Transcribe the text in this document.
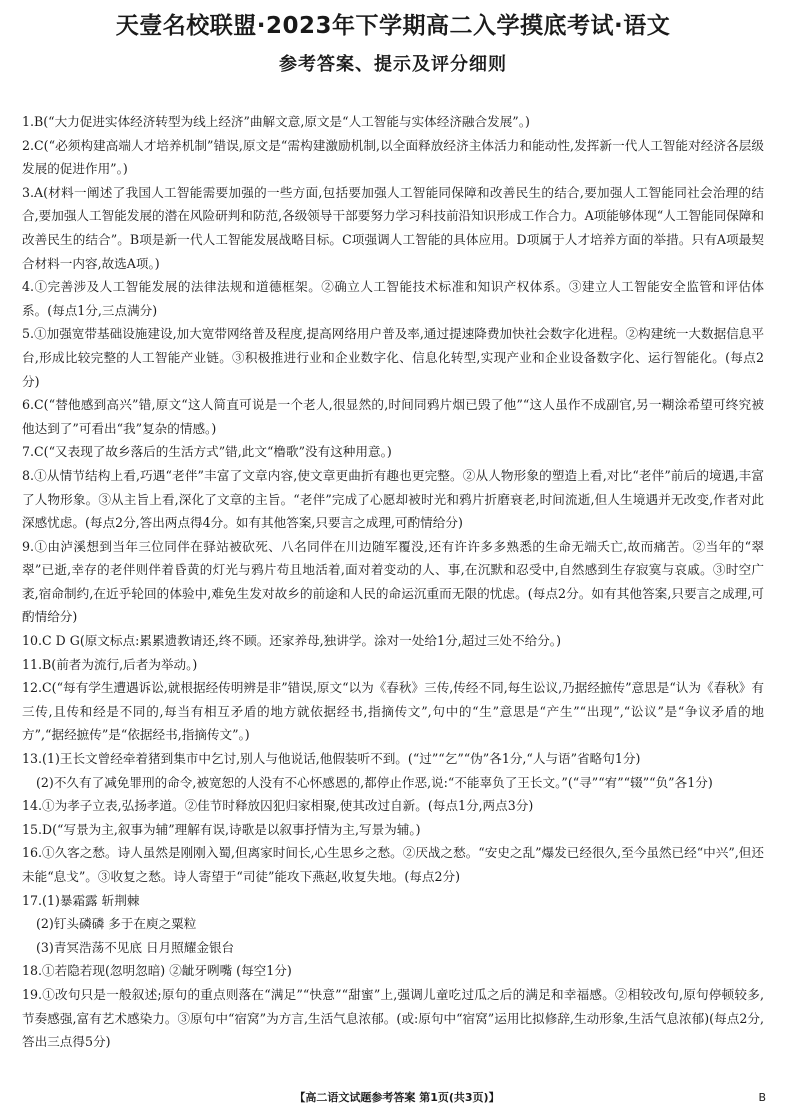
天壹名校联盟·2023年下学期高二入学摸底考试·语文
参考答案、提示及评分细则

1.B(“大力促进实体经济转型为线上经济”曲解文意,原文是“人工智能与实体经济融合发展”。)

2.C(“必须构建高端人才培养机制”错误,原文是“需构建激励机制,以全面释放经济主体活力和能动性,发挥新一代人工智能对经济各层级发展的促进作用”。)

3.A(材料一阐述了我国人工智能需要加强的一些方面,包括要加强人工智能同保障和改善民生的结合,要加强人工智能同社会治理的结合,要加强人工智能发展的潜在风险研判和防范,各级领导干部要努力学习科技前沿知识形成工作合力。A项能够体现“人工智能同保障和改善民生的结合”。B项是新一代人工智能发展战略目标。C项强调人工智能的具体应用。D项属于人才培养方面的举措。只有A项最契合材料一内容,故选A项。)

4.①完善涉及人工智能发展的法律法规和道德框架。②确立人工智能技术标准和知识产权体系。③建立人工智能安全监管和评估体系。(每点1分,三点满分)

5.①加强宽带基础设施建设,加大宽带网络普及程度,提高网络用户普及率,通过提速降费加快社会数字化进程。②构建统一大数据信息平台,形成比较完整的人工智能产业链。③积极推进行业和企业数字化、信息化转型,实现产业和企业设备数字化、运行智能化。(每点2分)

6.C(“替他感到高兴”错,原文“这人简直可说是一个老人,很显然的,时间同鸦片烟已毁了他”“这人虽作不成副官,另一糊涂希望可终究被他达到了”可看出“我”复杂的情感。)

7.C(“又表现了故乡落后的生活方式”错,此文“橹歌”没有这种用意。)

8.①从情节结构上看,巧遇“老伴”丰富了文章内容,使文章更曲折有趣也更完整。②从人物形象的塑造上看,对比“老伴”前后的境遇,丰富了人物形象。③从主旨上看,深化了文章的主旨。“老伴”完成了心愿却被时光和鸦片折磨衰老,时间流逝,但人生境遇并无改变,作者对此深感忧虑。(每点2分,答出两点得4分。如有其他答案,只要言之成理,可酌情给分)

9.①由泸溪想到当年三位同伴在驿站被砍死、八名同伴在川边随军覆没,还有许许多多熟悉的生命无端夭亡,故而痛苦。②当年的“翠翠”已逝,幸存的老伴则伴着昏黄的灯光与鸦片苟且地活着,面对着变动的人、事,在沉默和忍受中,自然感到生存寂寞与哀戚。③时空广袤,宿命制约,在近乎轮回的体验中,难免生发对故乡的前途和人民的命运沉重而无限的忧虑。(每点2分。如有其他答案,只要言之成理,可酌情给分)

10.C D G(原文标点:累累遗教请还,终不顾。还家养母,独讲学。涂对一处给1分,超过三处不给分。)

11.B(前者为流行,后者为举动。)

12.C(“每有学生遭遇诉讼,就根据经传明辨是非”错误,原文“以为《春秋》三传,传经不同,每生讼议,乃据经摭传”意思是“认为《春秋》有三传,且传和经是不同的,每当有相互矛盾的地方就依据经书,指摘传文”,句中的“生”意思是“产生”“出现”,“讼议”是“争议矛盾的地方”,“据经摭传”是“依据经书,指摘传文”。)

13.(1)王长文曾经牵着猪到集市中乞讨,别人与他说话,他假装听不到。(“过”“乞”“伪”各1分,“人与语”省略句1分)

(2)不久有了减免罪刑的命令,被宽恕的人没有不心怀感恩的,都停止作恶,说:“不能辜负了王长文。”(“寻”“宥”“辍”“负”各1分)

14.①为孝子立表,弘扬孝道。②佳节时释放囚犯归家相聚,使其改过自新。(每点1分,两点3分)

15.D(“写景为主,叙事为辅”理解有误,诗歌是以叙事抒情为主,写景为辅。)

16.①久客之愁。诗人虽然是刚刚入蜀,但离家时间长,心生思乡之愁。②厌战之愁。“安史之乱”爆发已经很久,至今虽然已经“中兴”,但还未能“息戈”。③收复之愁。诗人寄望于“司徒”能攻下燕赵,收复失地。(每点2分)

17.(1)暴霜露 斩荆棘

(2)钉头磷磷 多于在庾之粟粒

(3)青冥浩荡不见底 日月照耀金银台

18.①若隐若现(忽明忽暗) ②龇牙咧嘴 (每空1分)

19.①改句只是一般叙述;原句的重点则落在“满足”“快意”“甜蜜”上,强调儿童吃过瓜之后的满足和幸福感。②相较改句,原句停顿较多,节奏感强,富有艺术感染力。③原句中“宿窝”为方言,生活气息浓郁。(或:原句中“宿窝”运用比拟修辞,生动形象,生活气息浓郁)(每点2分,答出三点得5分)

【高二语文试题参考答案 第1页(共3页)】	B
